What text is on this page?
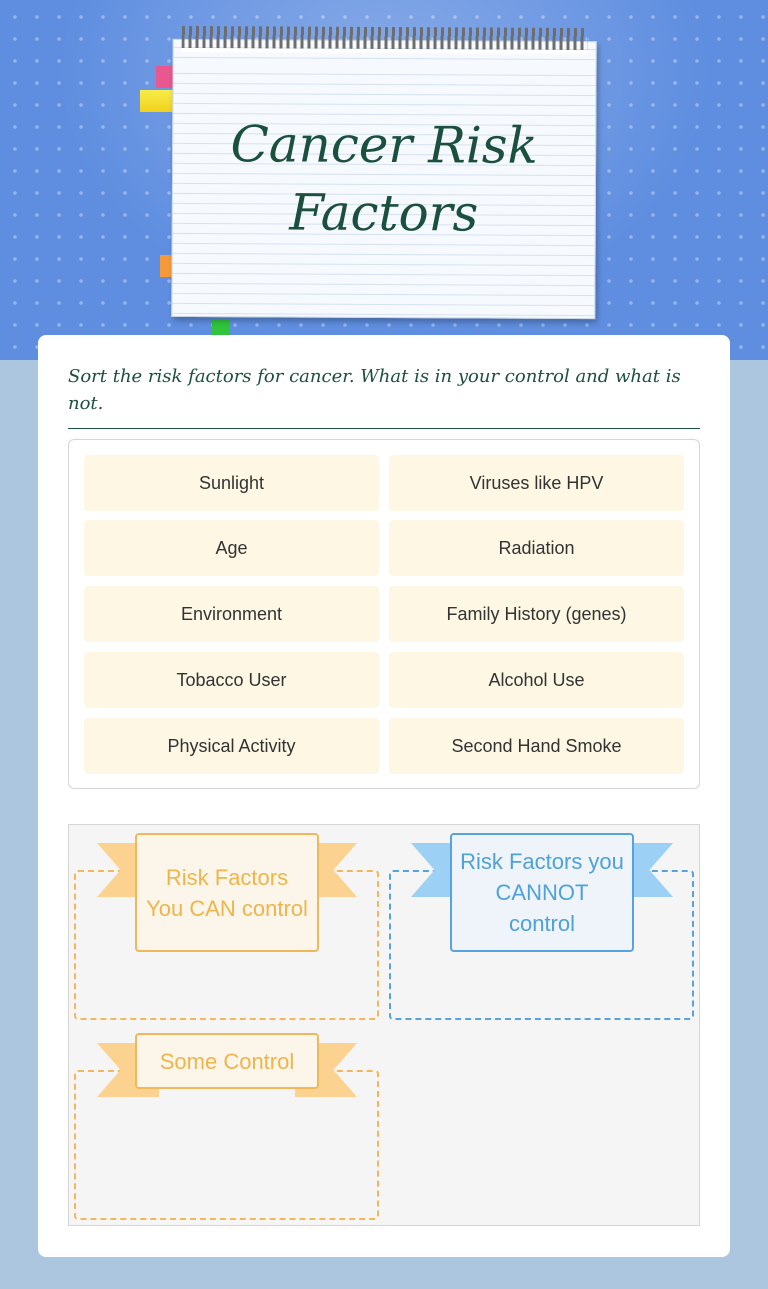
Cancer Risk
Factors
Sort the risk factors for cancer. What is in your control and what is not.
Sunlight	Viruses like HPV
Age	Radiation
Environment	Family History (genes)
Tobacco User	Alcohol Use
Physical Activity	Second Hand Smoke
Risk Factors You CAN control
Risk Factors you CANNOT control
Some Control
